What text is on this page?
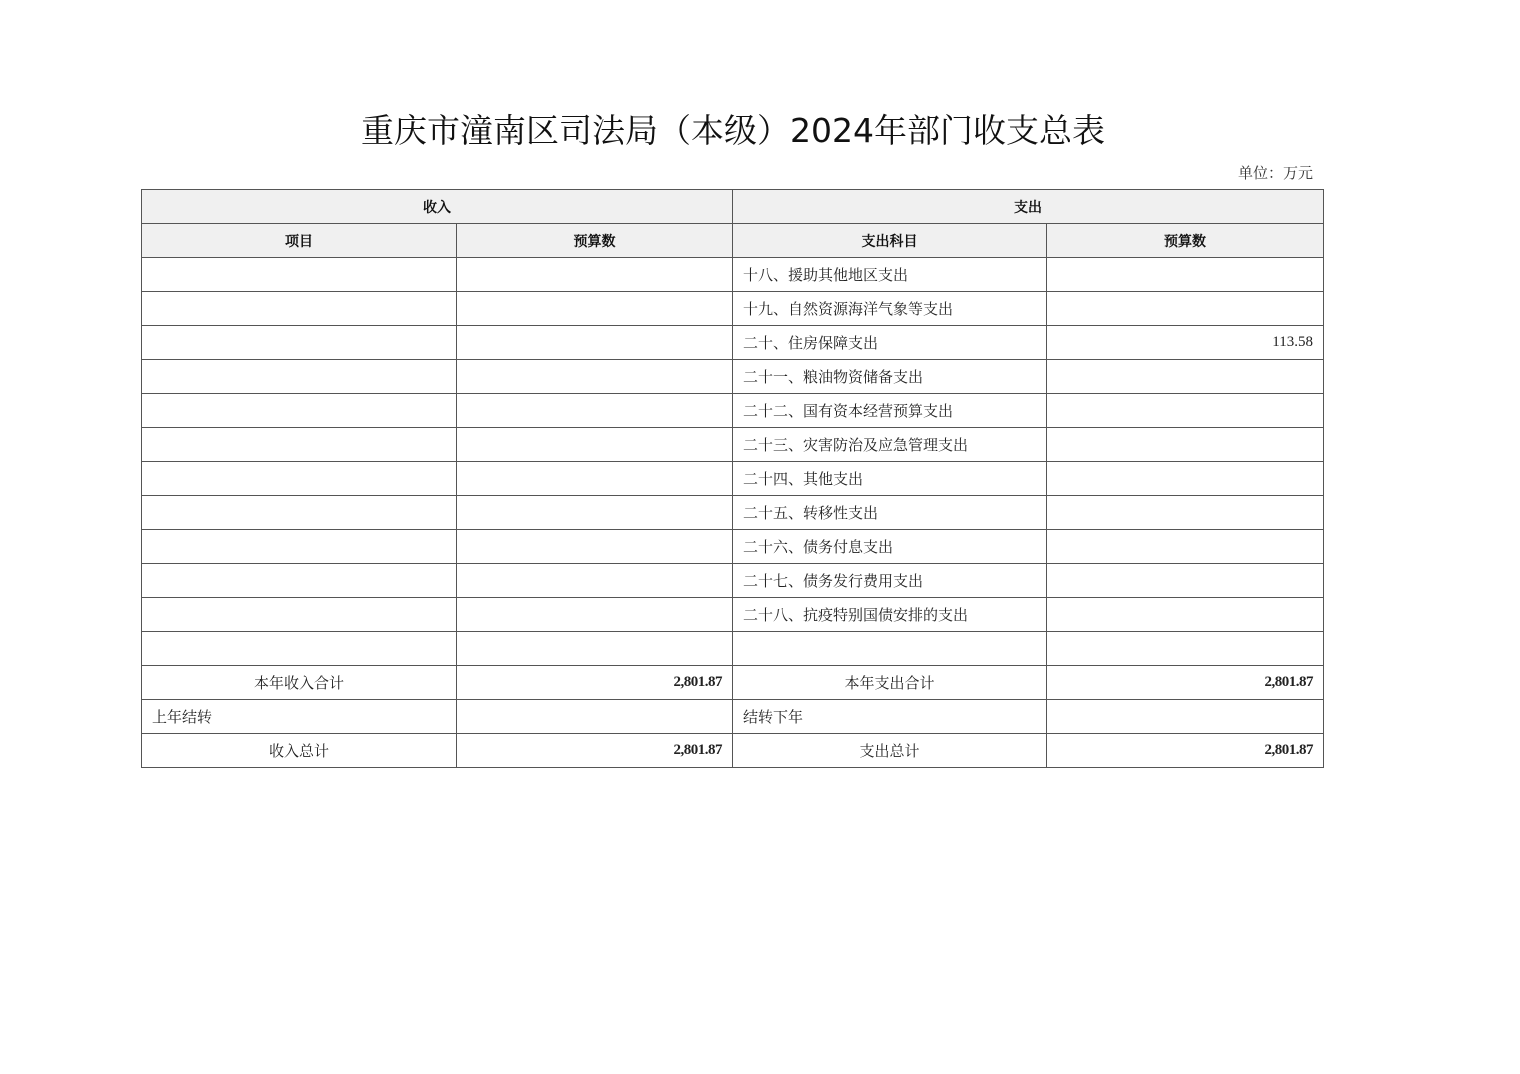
重庆市潼南区司法局（本级）2024年部门收支总表
单位：万元
收入		支出	
项目	预算数	支出科目	预算数
		十八、援助其他地区支出	
		十九、自然资源海洋气象等支出	
		二十、住房保障支出	113.58
		二十一、粮油物资储备支出	
		二十二、国有资本经营预算支出	
		二十三、灾害防治及应急管理支出	
		二十四、其他支出	
		二十五、转移性支出	
		二十六、债务付息支出	
		二十七、债务发行费用支出	
		二十八、抗疫特别国债安排的支出	

本年收入合计	2,801.87	本年支出合计	2,801.87
上年结转		结转下年	
收入总计	2,801.87	支出总计	2,801.87
